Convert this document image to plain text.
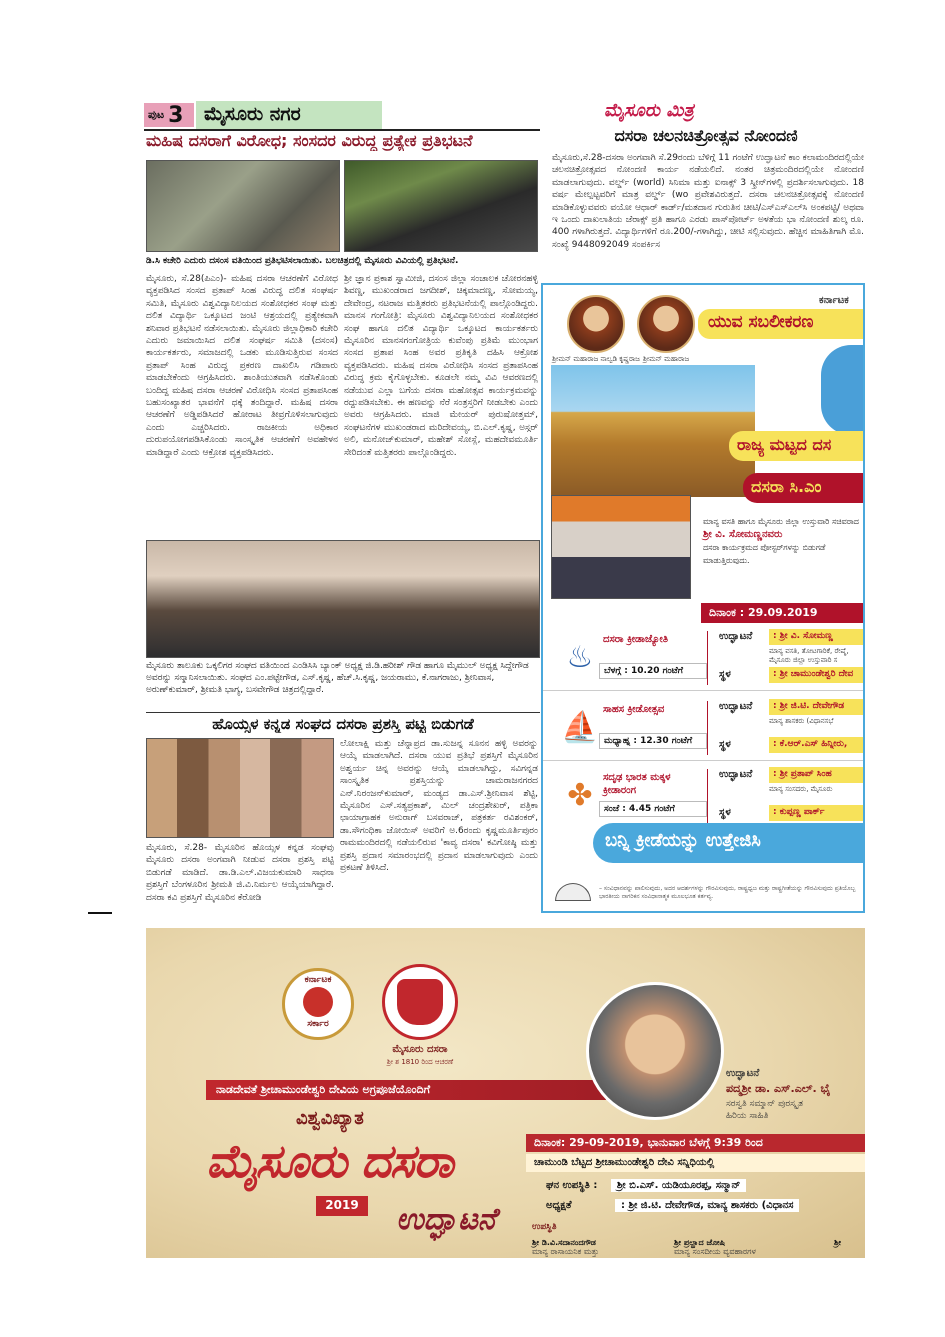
ಪುಟ 3	ಮೈಸೂರು ನಗರ	ಮೈಸೂರು ಮಿತ್ರ
ಮಹಿಷ ದಸರಾಗೆ ವಿರೋಧ; ಸಂಸದರ ವಿರುದ್ಧ ಪ್ರತ್ಯೇಕ ಪ್ರತಿಭಟನೆ
ಡಿ.ಸಿ ಕಚೇರಿ ಎದುರು ದಸಂಸ ವತಿಯಿಂದ ಪ್ರತಿಭಟಿಸಲಾಯಿತು. ಬಲಚಿತ್ರದಲ್ಲಿ ಮೈಸೂರು ವಿವಿಯಲ್ಲಿ ಪ್ರತಿಭಟನೆ.
ಮೈಸೂರು, ಸೆ.28(ಪಿಎಂ)- ಮಹಿಷ ದಸರಾ ಆಚರಣೆಗೆ ವಿರೋಧ ವ್ಯಕ್ತಪಡಿಸಿದ ಸಂಸದ ಪ್ರತಾಪ್ ಸಿಂಹ ವಿರುದ್ಧ ದಲಿತ ಸಂಘರ್ಷ ಸಮಿತಿ, ಮೈಸೂರು ವಿಶ್ವವಿದ್ಯಾನಿಲಯದ ಸಂಶೋಧಕರ ಸಂಘ ಮತ್ತು ದಲಿತ ವಿದ್ಯಾರ್ಥಿ ಒಕ್ಕೂಟದ ಜಂಟಿ ಆಶ್ರಯದಲ್ಲಿ ಪ್ರತ್ಯೇಕವಾಗಿ ಶನಿವಾರ ಪ್ರತಿಭಟನೆ ನಡೆಸಲಾಯಿತು. ಮೈಸೂರು ಜಿಲ್ಲಾಧಿಕಾರಿ ಕಚೇರಿ ಎದುರು ಜಮಾಯಿಸಿದ ದಲಿತ ಸಂಘರ್ಷ ಸಮಿತಿ (ದಸಂಸ) ಕಾರ್ಯಕರ್ತರು, ಸಮಾಜದಲ್ಲಿ ಒಡಕು ಮೂಡಿಸುತ್ತಿರುವ ಸಂಸದ ಪ್ರತಾಪ್ ಸಿಂಹ ವಿರುದ್ಧ ಪ್ರಕರಣ ದಾಖಲಿಸಿ ಗಡಿಪಾರು ಮಾಡಬೇಕೆಂದು ಆಗ್ರಹಿಸಿದರು. ಶಾಂತಿಯುತವಾಗಿ ನಡೆಸಿಕೊಂಡು ಬಂದಿದ್ದ ಮಹಿಷ ದಸರಾ ಆಚರಣೆ ವಿರೋಧಿಸಿ ಸಂಸದ ಪ್ರತಾಪಸಿಂಹ ಬಹುಸಂಖ್ಯಾತರ ಭಾವನೆಗೆ ಧಕ್ಕೆ ತಂದಿದ್ದಾರೆ. ಮಹಿಷ ದಸರಾ ಆಚರಣೆಗೆ ಅಡ್ಡಿಪಡಿಸಿದರೆ ಹೋರಾಟ ತೀವ್ರಗೊಳಿಸಲಾಗುವುದು ಎಂದು ಎಚ್ಚರಿಸಿದರು. ರಾಜಕೀಯ ಅಧಿಕಾರ ದುರುಪಯೋಗಪಡಿಸಿಕೊಂಡು ಸಾಂಸ್ಕೃತಿಕ ಆಚರಣೆಗೆ ಅವಹೇಳನ ಮಾಡಿದ್ದಾರೆ ಎಂದು ಆಕ್ರೋಶ ವ್ಯಕ್ತಪಡಿಸಿದರು.
ಶ್ರೀ ಜ್ಞಾನ ಪ್ರಕಾಶ ಸ್ವಾಮೀಜಿ, ದಸಂಸ ಜಿಲ್ಲಾ ಸಂಚಾಲಕ ಚೋರನಹಳ್ಳಿ ಶಿವಣ್ಣ, ಮುಖಂಡರಾದ ಜಗದೀಶ್, ಚಿಕ್ಕಮಾದಣ್ಣ, ಸೋಮಯ್ಯ, ದೇವೇಂದ್ರ, ನಟರಾಜ ಮತ್ತಿತರರು ಪ್ರತಿಭಟನೆಯಲ್ಲಿ ಪಾಲ್ಗೊಂಡಿದ್ದರು. ಮಾನಸ ಗಂಗೋತ್ರಿ: ಮೈಸೂರು ವಿಶ್ವವಿದ್ಯಾನಿಲಯದ ಸಂಶೋಧಕರ ಸಂಘ ಹಾಗೂ ದಲಿತ ವಿದ್ಯಾರ್ಥಿ ಒಕ್ಕೂಟದ ಕಾರ್ಯಕರ್ತರು ಮೈಸೂರಿನ ಮಾನಸಗಂಗೋತ್ರಿಯ ಕುವೆಂಪು ಪ್ರತಿಮೆ ಮುಂಭಾಗ ಸಂಸದ ಪ್ರತಾಪ ಸಿಂಹ ಅವರ ಪ್ರತಿಕೃತಿ ದಹಿಸಿ ಆಕ್ರೋಶ ವ್ಯಕ್ತಪಡಿಸಿದರು. ಮಹಿಷ ದಸರಾ ವಿರೋಧಿಸಿ ಸಂಸದ ಪ್ರತಾಪಸಿಂಹ ವಿರುದ್ಧ ಕ್ರಮ ಕೈಗೊಳ್ಳಬೇಕು. ಕೂಡಲೇ ನಮ್ಮ ವಿವಿ ಆವರಣದಲ್ಲಿ ನಡೆಯುವ ಎಲ್ಲಾ ಬಗೆಯ ದಸರಾ ಮಹೋತ್ಸವ ಕಾರ್ಯಕ್ರಮವನ್ನು ರದ್ದುಪಡಿಸಬೇಕು. ಈ ಹಣವನ್ನು ನೆರೆ ಸಂತ್ರಸ್ತರಿಗೆ ನೀಡಬೇಕು ಎಂದು ಅವರು ಆಗ್ರಹಿಸಿದರು. ಮಾಜಿ ಮೇಯರ್ ಪುರುಷೋತ್ತಮ್, ಸಂಘಟನೆಗಳ ಮುಖಂಡರಾದ ಮರಿದೇವಯ್ಯ, ಬಿ.ಎಲ್.ಕೃಷ್ಣ, ಅಸ್ಗರ್ ಅಲಿ, ಮನೋಜ್‌ಕುಮಾರ್, ಮಹೇಶ್ ಸೋಸ್ಲೆ, ಮಹದೇವಮೂರ್ತಿ ಸೇರಿದಂತೆ ಮತ್ತಿತರರು ಪಾಲ್ಗೊಂಡಿದ್ದರು.
ಮೈಸೂರು ತಾಲೂಕು ಒಕ್ಕಲಿಗರ ಸಂಘದ ವತಿಯಿಂದ ಎಂಡಿಸಿಸಿ ಬ್ಯಾಂಕ್ ಅಧ್ಯಕ್ಷ ಜಿ.ಡಿ.ಹರೀಶ್ ಗೌಡ ಹಾಗೂ ಮೈಮುಲ್ ಅಧ್ಯಕ್ಷ ಸಿದ್ದೇಗೌಡ ಅವರನ್ನು ಸನ್ಮಾನಿಸಲಾಯಿತು. ಸಂಘದ ಎಂ.ಪಟ್ಟೇಗೌಡ, ಎಸ್.ಕೃಷ್ಣ, ಹೆಚ್.ಸಿ.ಕೃಷ್ಣ, ಜಯರಾಮು, ಕೆ.ನಾಗರಾಜು, ಶ್ರೀನಿವಾಸ, ಅರುಣ್‌ಕುಮಾರ್, ಶ್ರೀಮತಿ ಭಾಗ್ಯ, ಬಸವೇಗೌಡ ಚಿತ್ರದಲ್ಲಿದ್ದಾರೆ.
ಹೊಯ್ಸಳ ಕನ್ನಡ ಸಂಘದ ದಸರಾ ಪ್ರಶಸ್ತಿ ಪಟ್ಟಿ ಬಿಡುಗಡೆ
ಮೈಸೂರು, ಸೆ.28- ಮೈಸೂರಿನ ಹೊಯ್ಸಳ ಕನ್ನಡ ಸಂಘವು ಮೈಸೂರು ದಸರಾ ಅಂಗವಾಗಿ ನೀಡುವ ದಸರಾ ಪ್ರಶಸ್ತಿ ಪಟ್ಟಿ ಬಿಡುಗಡೆ ಮಾಡಿದೆ. ಡಾ.ಡಿ.ಎಲ್.ವಿಜಯಕುಮಾರಿ ಸಾಧನಾ ಪ್ರಶಸ್ತಿಗೆ ಬೆಂಗಳೂರಿನ ಶ್ರೀಮತಿ ಜಿ.ವಿ.ನಿರ್ಮಲ ಆಯ್ಕೆಯಾಗಿದ್ದಾರೆ. ದಸರಾ ಕವಿ ಪ್ರಶಸ್ತಿಗೆ ಮೈಸೂರಿನ ಕೆರೋಡಿ
ಲೋಲಾಕ್ಷಿ ಮತ್ತು ಚೆನ್ನಾಪ್ರದ ಡಾ.ಸುಜನ್ನ ಸೂನನ ಹಳ್ಳಿ ಅವರನ್ನು ಆಯ್ಕೆ ಮಾಡಲಾಗಿದೆ. ದಸರಾ ಯುವ ಪ್ರತಿಭೆ ಪ್ರಶಸ್ತಿಗೆ ಮೈಸೂರಿನ ಅಶ್ವರ್ಯ ಚಿನ್ನ ಅವರನ್ನು ಆಯ್ಕೆ ಮಾಡಲಾಗಿದ್ದು, ಸವಿಗನ್ನಡ ಸಾಂಸ್ಕೃತಿಕ ಪ್ರಶಸ್ತಿಯನ್ನು ಚಾಮರಾಜನಗರದ ಎನ್.ನಿರಂಜನ್‌ಕುಮಾರ್, ಮಂಡ್ಯದ ಡಾ.ಎಸ್.ಶ್ರೀನಿವಾಸ ಶೆಟ್ಟಿ, ಮೈಸೂರಿನ ಎಸ್.ಸತ್ಯಪ್ರಕಾಶ್, ಮಿಲ್ ಚಂದ್ರಶೇಖರ್, ಪತ್ರಿಕಾ ಛಾಯಾಗ್ರಾಹಕ ಅನುರಾಗ್ ಬಸವರಾಜ್, ಪತ್ರಕರ್ತ ರವಿಶಂಕರ್, ಡಾ.ಸೌಗಂಧಿಕಾ ಜೋಯಿಸ್ ಅವರಿಗೆ ಅ.6ರಂದು ಕೃಷ್ಣಮೂರ್ತಿಪುರಂ ರಾಮಮಂದಿರದಲ್ಲಿ ನಡೆಯಲಿರುವ 'ಕಾವ್ಯ ದಸರಾ' ಕವಿಗೋಷ್ಠಿ ಮತ್ತು ಪ್ರಶಸ್ತಿ ಪ್ರದಾನ ಸಮಾರಂಭದಲ್ಲಿ ಪ್ರದಾನ ಮಾಡಲಾಗುವುದು ಎಂದು ಪ್ರಕಟಣೆ ತಿಳಿಸಿದೆ.
ದಸರಾ ಚಲನಚಿತ್ರೋತ್ಸವ ನೋಂದಣಿ
ಮೈಸೂರು,ಸೆ.28-ದಸರಾ ಅಂಗವಾಗಿ ಸೆ.29ರಂದು ಬೆಳಿಗ್ಗೆ 11 ಗಂಟೆಗೆ ಉದ್ಘಾಟನೆ ಕಾಂ ಕಲಾಮಂದಿರದಲ್ಲಿಯೇ ಚಲನಚಿತ್ರೋತ್ಸವದ ನೋಂದಣಿ ಕಾರ್ಯ ನಡೆಯಲಿದೆ. ನಂತರ ಚಿತ್ರಮಂದಿರದಲ್ಲಿಯೇ ನೋಂದಣಿ ಮಾಡಲಾಗುವುದು. ವರ್ಲ್ಡ್ (world) ಸಿನಿಮಾ ಮತ್ತು ಐನಾಕ್ಸ್ 3 ಸ್ಕ್ರೀನ್‌ಗಳಲ್ಲಿ ಪ್ರದರ್ಶಿಸಲಾಗುವುದು. 18 ವರ್ಷ ಮೇಲ್ಪಟ್ಟವರಿಗೆ ಮಾತ್ರ ವರ್ಲ್ಡ್ (wo ಪ್ರವೇಶವಿರುತ್ತದೆ. ದಸರಾ ಚಲನಚಿತ್ರೋತ್ಸವಕ್ಕೆ ನೋಂದಣಿ ಮಾಡಿಕೊಳ್ಳುವವರು ವಯೋ ಆಧಾರ್ ಕಾರ್ಡ್/ಮತದಾನ ಗುರುತಿನ ಚೀಟಿ/ಎಸ್‌ಎಸ್‌ಎಲ್‌ಸಿ ಅಂಕಪಟ್ಟಿ/ ಅಥವಾ ಇ ಒಂದು ದಾಖಲಾತಿಯ ಜೆರಾಕ್ಸ್ ಪ್ರತಿ ಹಾಗೂ ಎರಡು ಪಾಸ್‌ಪೋರ್ಟ್ ಅಳತೆಯ ಭಾ ನೋಂದಣಿ ಶುಲ್ಕ ರೂ. 400 ಗಳಾಗಿರುತ್ತದೆ. ವಿದ್ಯಾರ್ಥಿಗಳಿಗೆ ರೂ.200/-ಗಳಾಗಿದ್ದು, ಚೀಟಿ ಸಲ್ಲಿಸುವುದು. ಹೆಚ್ಚಿನ ಮಾಹಿತಿಗಾಗಿ ಮೊ. ಸಂಖ್ಯೆ 9448092049 ಸಂಪರ್ಕಿಸ
ಕರ್ನಾಟಕ
ಯುವ ಸಬಲೀಕರಣ
ಶ್ರೀಮನ್ ಮಹಾರಾಜ ನಾಲ್ವಡಿ ಕೃಷ್ಣರಾಜ ಶ್ರೀಮನ್ ಮಹಾರಾಜ
ರಾಜ್ಯ ಮಟ್ಟದ ದಸ
ದಸರಾ ಸಿ.ಎಂ
ಮಾನ್ಯ ವಸತಿ ಹಾಗೂ ಮೈಸೂರು ಜಿಲ್ಲಾ ಉಸ್ತುವಾರಿ ಸಚಿವರಾದ
ಶ್ರೀ ವಿ. ಸೋಮಣ್ಣನವರು
ದಸರಾ ಕಾರ್ಯಕ್ರಮದ ಪೋಸ್ಟರ್‌ಗಳನ್ನು ಬಿಡುಗಡೆ ಮಾಡುತ್ತಿರುವುದು.
ದಿನಾಂಕ : 29.09.2019
♨ ದಸರಾ ಕ್ರೀಡಾಜ್ಯೋತಿ
ಬೆಳಗ್ಗೆ : 10.20 ಗಂಟೆಗೆ
ಉದ್ಘಾಟನೆ	: ಶ್ರೀ ವಿ. ಸೋಮಣ್ಣ
ಮಾನ್ಯ ವಸತಿ, ತೋಟಗಾರಿಕೆ, ರೇಷ್ಮೆ, ಮೈಸೂರು ಜಿಲ್ಲಾ ಉಸ್ತುವಾರಿ ಸ
ಸ್ಥಳ	: ಶ್ರೀ ಚಾಮುಂಡೇಶ್ವರಿ ದೇವ
⛵ ಸಾಹಸ ಕ್ರೀಡೋತ್ಸವ
ಮಧ್ಯಾಹ್ನ : 12.30 ಗಂಟೆಗೆ
ಉದ್ಘಾಟನೆ	: ಶ್ರೀ ಜಿ.ಟಿ. ದೇವೇಗೌಡ
ಮಾನ್ಯ ಶಾಸಕರು (ವಿಧಾನಸಭೆ
ಸ್ಥಳ	: ಕೆ.ಆರ್.ಎಸ್ ಹಿನ್ನೀರು,
✤	ಸದೃಢ ಭಾರತ ಮಕ್ಕಳ ಕ್ರೀಡಾರಂಗ
ಸಂಜೆ : 4.45 ಗಂಟೆಗೆ
ಉದ್ಘಾಟನೆ	: ಶ್ರೀ ಪ್ರತಾಪ್ ಸಿಂಹ
ಮಾನ್ಯ ಸಂಸದರು, ಮೈಸೂರು
ಸ್ಥಳ	: ಕುಪ್ಪಣ್ಣ ಪಾರ್ಕ್
ಬನ್ನಿ ಕ್ರೀಡೆಯನ್ನು ಉತ್ತೇಜಿಸಿ
– ಸಂವಿಧಾನವನ್ನು ಪಾಲಿಸುವುದು, ಅದರ ಆದರ್ಶಗಳನ್ನು ಗೌರವಿಸುವುದು, ರಾಷ್ಟ್ರಧ್ವಜ ಮತ್ತು ರಾಷ್ಟ್ರಗೀತೆಯನ್ನು ಗೌರವಿಸುವುದು ಪ್ರತಿಯೊಬ್ಬ ಭಾರತೀಯ ನಾಗರಿಕನ ಸಂವಿಧಾನಾತ್ಮಕ ಮೂಲಭೂತ ಕರ್ತವ್ಯ.
ಕರ್ನಾಟಕ
ಸರ್ಕಾರ
ಮೈಸೂರು ದಸರಾ
ಶ್ರೀ ಶ 1810 ರಿಂದ ಆಚರಣೆ
ನಾಡದೇವತೆ ಶ್ರೀಚಾಮುಂಡೇಶ್ವರಿ ದೇವಿಯ ಅಗ್ರಪೂಜೆಯೊಂದಿಗೆ
ವಿಶ್ವವಿಖ್ಯಾತ
ಮೈಸೂರು ದಸರಾ
2019	ಉದ್ಘಾಟನೆ
ಉದ್ಘಾಟನೆ
ಪದ್ಮಶ್ರೀ ಡಾ. ಎಸ್.ಎಲ್. ಭೈ
ಸರಸ್ವತಿ ಸಮ್ಮಾನ್ ಪುರಸ್ಕೃತ
ಹಿರಿಯ ಸಾಹಿತಿ
ದಿನಾಂಕ: 29-09-2019, ಭಾನುವಾರ ಬೆಳಗ್ಗೆ 9:39 ರಿಂದ
ಚಾಮುಂಡಿ ಬೆಟ್ಟದ ಶ್ರೀಚಾಮುಂಡೇಶ್ವರಿ ದೇವಿ ಸನ್ನಿಧಿಯಲ್ಲಿ
ಘನ ಉಪಸ್ಥಿತಿ : ಶ್ರೀ ಬಿ.ಎಸ್. ಯಡಿಯೂರಪ್ಪ, ಸನ್ಮಾನ್
ಅಧ್ಯಕ್ಷತೆ	: ಶ್ರೀ ಜಿ.ಟಿ. ದೇವೇಗೌಡ, ಮಾನ್ಯ ಶಾಸಕರು (ವಿಧಾನಸ
ಉಪಸ್ಥಿತಿ
ಶ್ರೀ ಡಿ.ವಿ.ಸದಾನಂದಗೌಡ
ಮಾನ್ಯ ರಾಸಾಯನಿಕ ಮತ್ತು
ಶ್ರೀ ಪ್ರಲ್ಹಾದ ಜೋಷಿ
ಮಾನ್ಯ ಸಂಸದೀಯ ವ್ಯವಹಾರಗಳ
ಶ್ರೀ
